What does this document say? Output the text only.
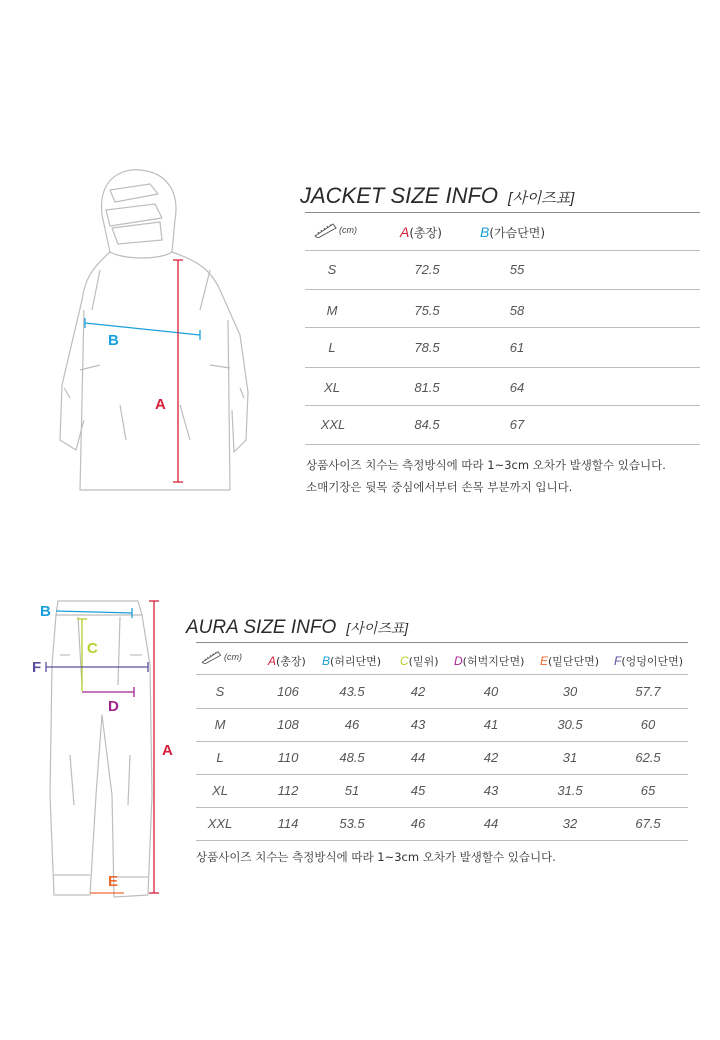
B
A
JACKET SIZE INFO [사이즈표]
(cm)	A(총장)	B(가슴단면)
S	72.5	55
M	75.5	58
L	78.5	61
XL	81.5	64
XXL	84.5	67
상품사이즈 치수는 측정방식에 따라 1~3cm 오차가 발생할수 있습니다.
소매기장은 뒷목 중심에서부터 손목 부분까지 입니다.
B
C
F
D
A
E
AURA SIZE INFO [사이즈표]
(cm) A(총장) B(허리단면) C(밑위) D(허벅지단면) E(밑단단면) F(엉덩이단면)
S	106	43.5	42	40	30	57.7
M	108	46	43	41	30.5	60
L	110	48.5	44	42	31	62.5
XL	112	51	45	43	31.5	65
XXL	114	53.5	46	44	32	67.5
상품사이즈 치수는 측정방식에 따라 1~3cm 오차가 발생할수 있습니다.
